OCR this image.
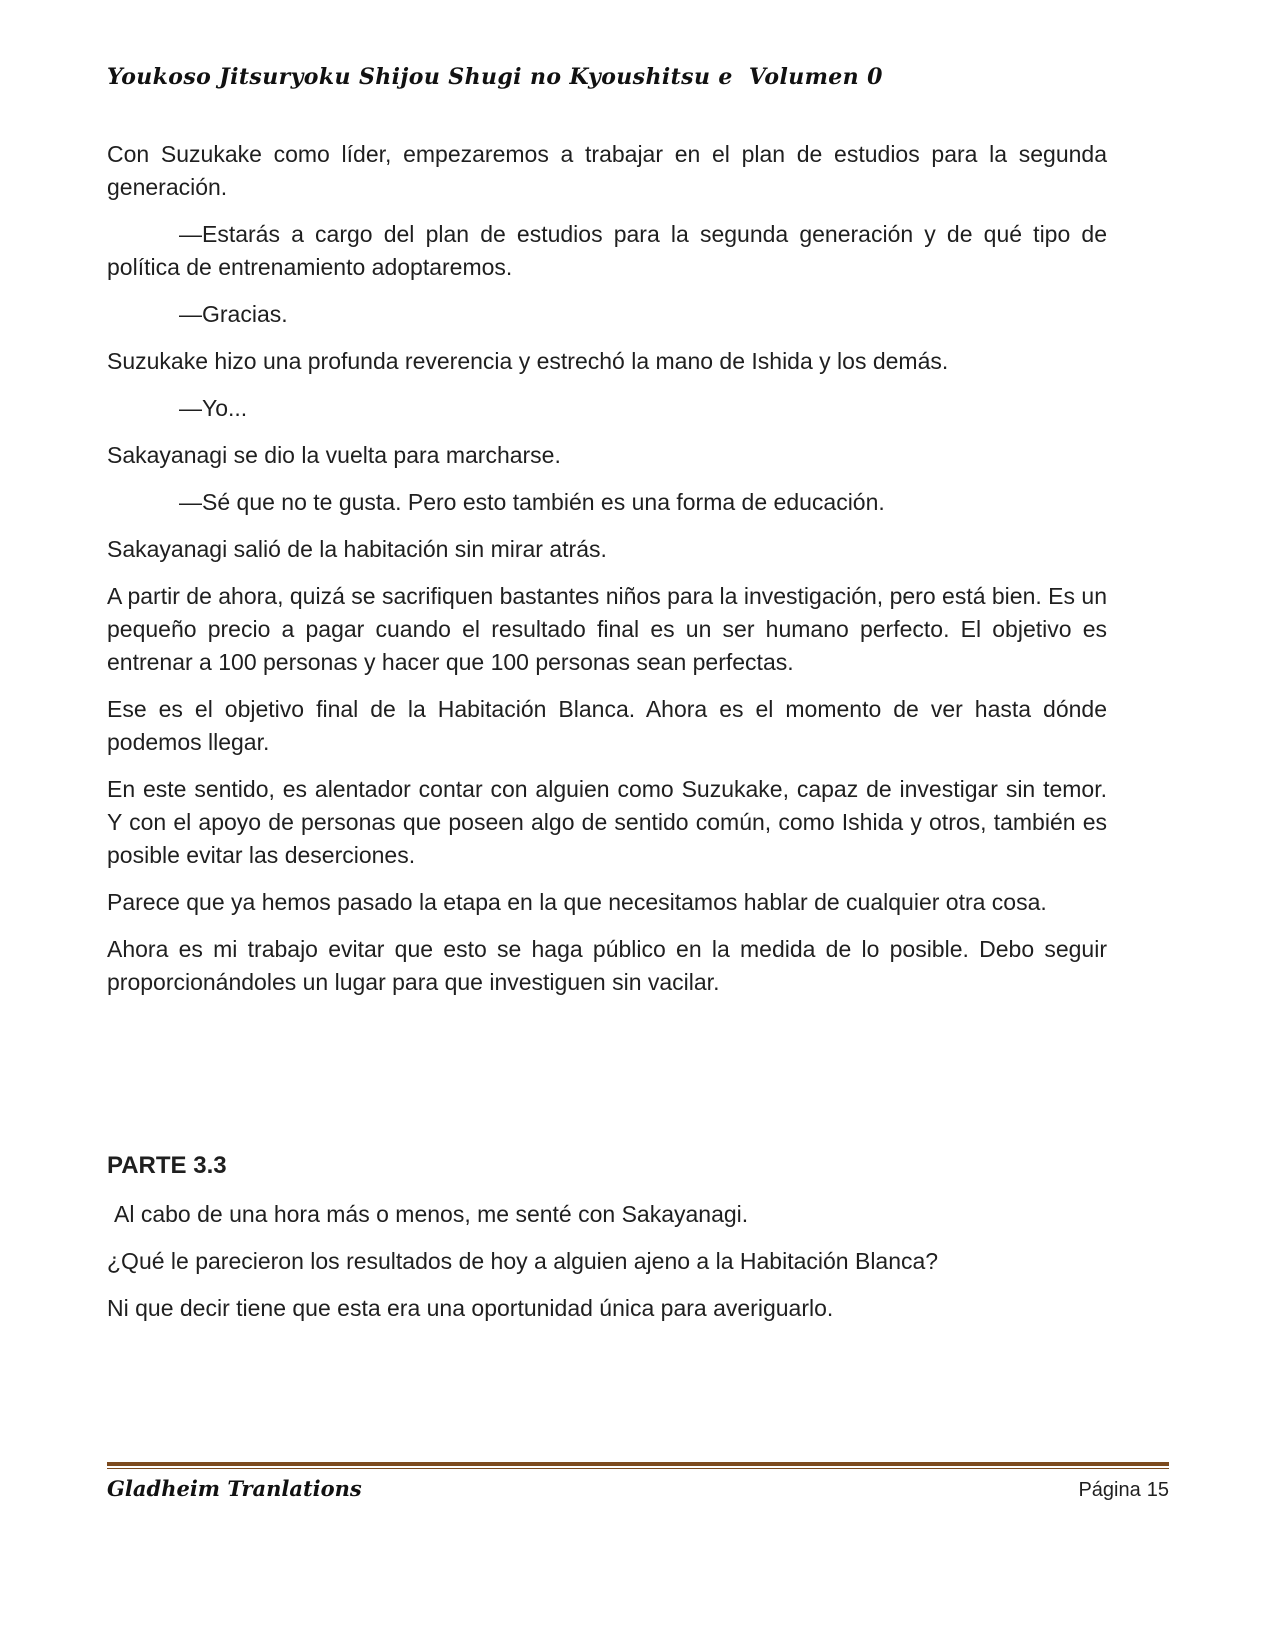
Youkoso Jitsuryoku Shijou Shugi no Kyoushitsu e  Volumen 0

Con Suzukake como líder, empezaremos a trabajar en el plan de estudios para la segunda generación.

—Estarás a cargo del plan de estudios para la segunda generación y de qué tipo de política de entrenamiento adoptaremos.

—Gracias.

Suzukake hizo una profunda reverencia y estrechó la mano de Ishida y los demás.

—Yo...

Sakayanagi se dio la vuelta para marcharse.

—Sé que no te gusta. Pero esto también es una forma de educación.

Sakayanagi salió de la habitación sin mirar atrás.

A partir de ahora, quizá se sacrifiquen bastantes niños para la investigación, pero está bien. Es un pequeño precio a pagar cuando el resultado final es un ser humano perfecto. El objetivo es entrenar a 100 personas y hacer que 100 personas sean perfectas.

Ese es el objetivo final de la Habitación Blanca. Ahora es el momento de ver hasta dónde podemos llegar.

En este sentido, es alentador contar con alguien como Suzukake, capaz de investigar sin temor. Y con el apoyo de personas que poseen algo de sentido común, como Ishida y otros, también es posible evitar las deserciones.

Parece que ya hemos pasado la etapa en la que necesitamos hablar de cualquier otra cosa.

Ahora es mi trabajo evitar que esto se haga público en la medida de lo posible. Debo seguir proporcionándoles un lugar para que investiguen sin vacilar.

PARTE 3.3

Al cabo de una hora más o menos, me senté con Sakayanagi.

¿Qué le parecieron los resultados de hoy a alguien ajeno a la Habitación Blanca?

Ni que decir tiene que esta era una oportunidad única para averiguarlo.

Gladheim Tranlations	Página 15
